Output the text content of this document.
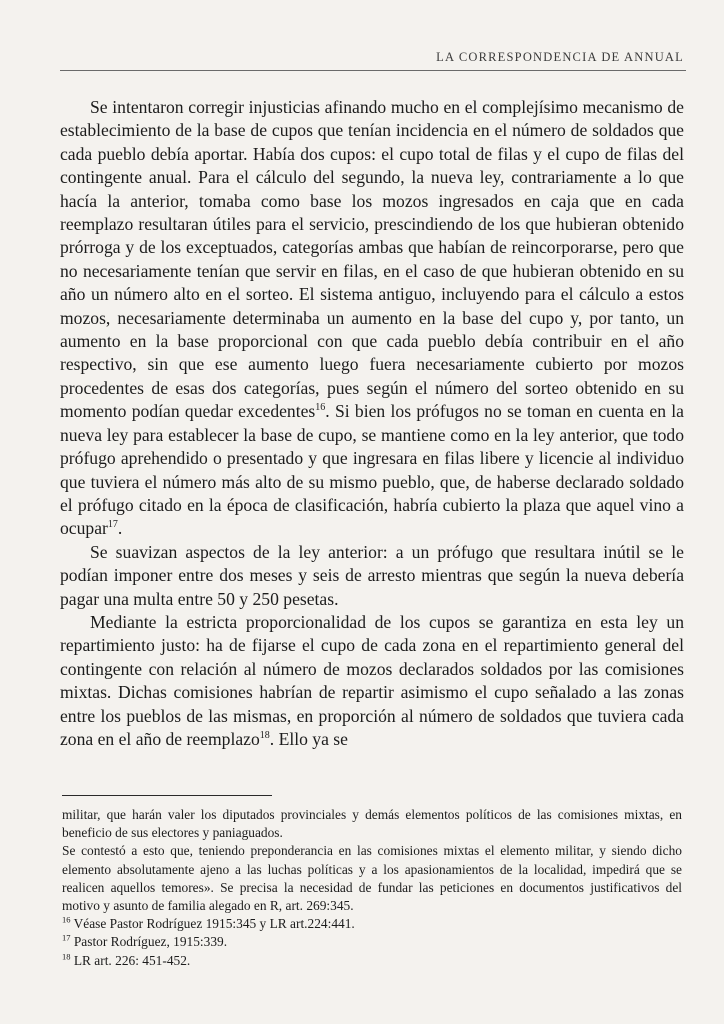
LA CORRESPONDENCIA DE ANNUAL

Se intentaron corregir injusticias afinando mucho en el complejísimo mecanismo de establecimiento de la base de cupos que tenían incidencia en el número de soldados que cada pueblo debía aportar. Había dos cupos: el cupo total de filas y el cupo de filas del contingente anual. Para el cálculo del segundo, la nueva ley, contrariamente a lo que hacía la anterior, tomaba como base los mozos ingresados en caja que en cada reemplazo resultaran útiles para el servicio, prescindiendo de los que hubieran obtenido prórroga y de los exceptuados, categorías ambas que habían de reincorporarse, pero que no necesariamente tenían que servir en filas, en el caso de que hubieran obtenido en su año un número alto en el sorteo. El sistema antiguo, incluyendo para el cálculo a estos mozos, necesariamente determinaba un aumento en la base del cupo y, por tanto, un aumento en la base proporcional con que cada pueblo debía contribuir en el año respectivo, sin que ese aumento luego fuera necesariamente cubierto por mozos procedentes de esas dos categorías, pues según el número del sorteo obtenido en su momento podían quedar excedentes$^{16}$. Si bien los prófugos no se toman en cuenta en la nueva ley para establecer la base de cupo, se mantiene como en la ley anterior, que todo prófugo aprehendido o presentado y que ingresara en filas libere y licencie al individuo que tuviera el número más alto de su mismo pueblo, que, de haberse declarado soldado el prófugo citado en la época de clasificación, habría cubierto la plaza que aquel vino a ocupar$^{17}$.

Se suavizan aspectos de la ley anterior: a un prófugo que resultara inútil se le podían imponer entre dos meses y seis de arresto mientras que según la nueva debería pagar una multa entre 50 y 250 pesetas.

Mediante la estricta proporcionalidad de los cupos se garantiza en esta ley un repartimiento justo: ha de fijarse el cupo de cada zona en el repartimiento general del contingente con relación al número de mozos declarados soldados por las comisiones mixtas. Dichas comisiones habrían de repartir asimismo el cupo señalado a las zonas entre los pueblos de las mismas, en proporción al número de soldados que tuviera cada zona en el año de reemplazo$^{18}$. Ello ya se

militar, que harán valer los diputados provinciales y demás elementos políticos de las comisiones mixtas, en beneficio de sus electores y paniaguados.

Se contestó a esto que, teniendo preponderancia en las comisiones mixtas el elemento militar, y siendo dicho elemento absolutamente ajeno a las luchas políticas y a los apasionamientos de la localidad, impedirá que se realicen aquellos temores». Se precisa la necesidad de fundar las peticiones en documentos justificativos del motivo y asunto de familia alegado en R, art. 269:345.

$^{16}$ Véase Pastor Rodríguez 1915:345 y LR art.224:441.

$^{17}$ Pastor Rodríguez, 1915:339.

$^{18}$ LR art. 226: 451-452.
